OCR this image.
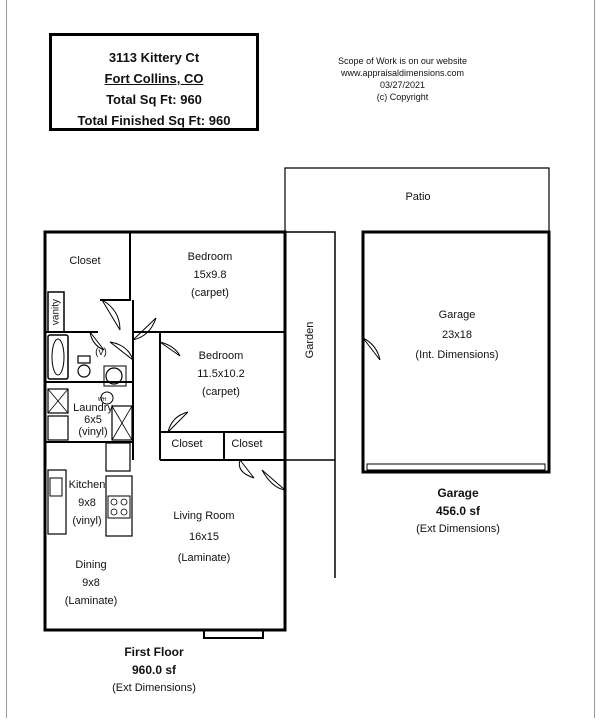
3113 Kittery Ct
Fort Collins, CO
Total Sq Ft: 960
Total Finished Sq Ft: 960
Scope of Work is on our website
www.appraisaldimensions.com
03/27/2021
(c) Copyright
WH
Closet	Bedroom
15x9.8
(carpet)
Bedroom
11.5x10.2
(carpet)
vanity
(v)
Laundry
6x5
(vinyl)
Kitchen
9x8
(vinyl)
Closet	Closet
Living Room
16x15
(Laminate)
Dining
9x8
(Laminate)
Garden
Patio
Garage
23x18
(Int. Dimensions)
Garage
456.0 sf
(Ext Dimensions)
First Floor
960.0 sf
(Ext Dimensions)
